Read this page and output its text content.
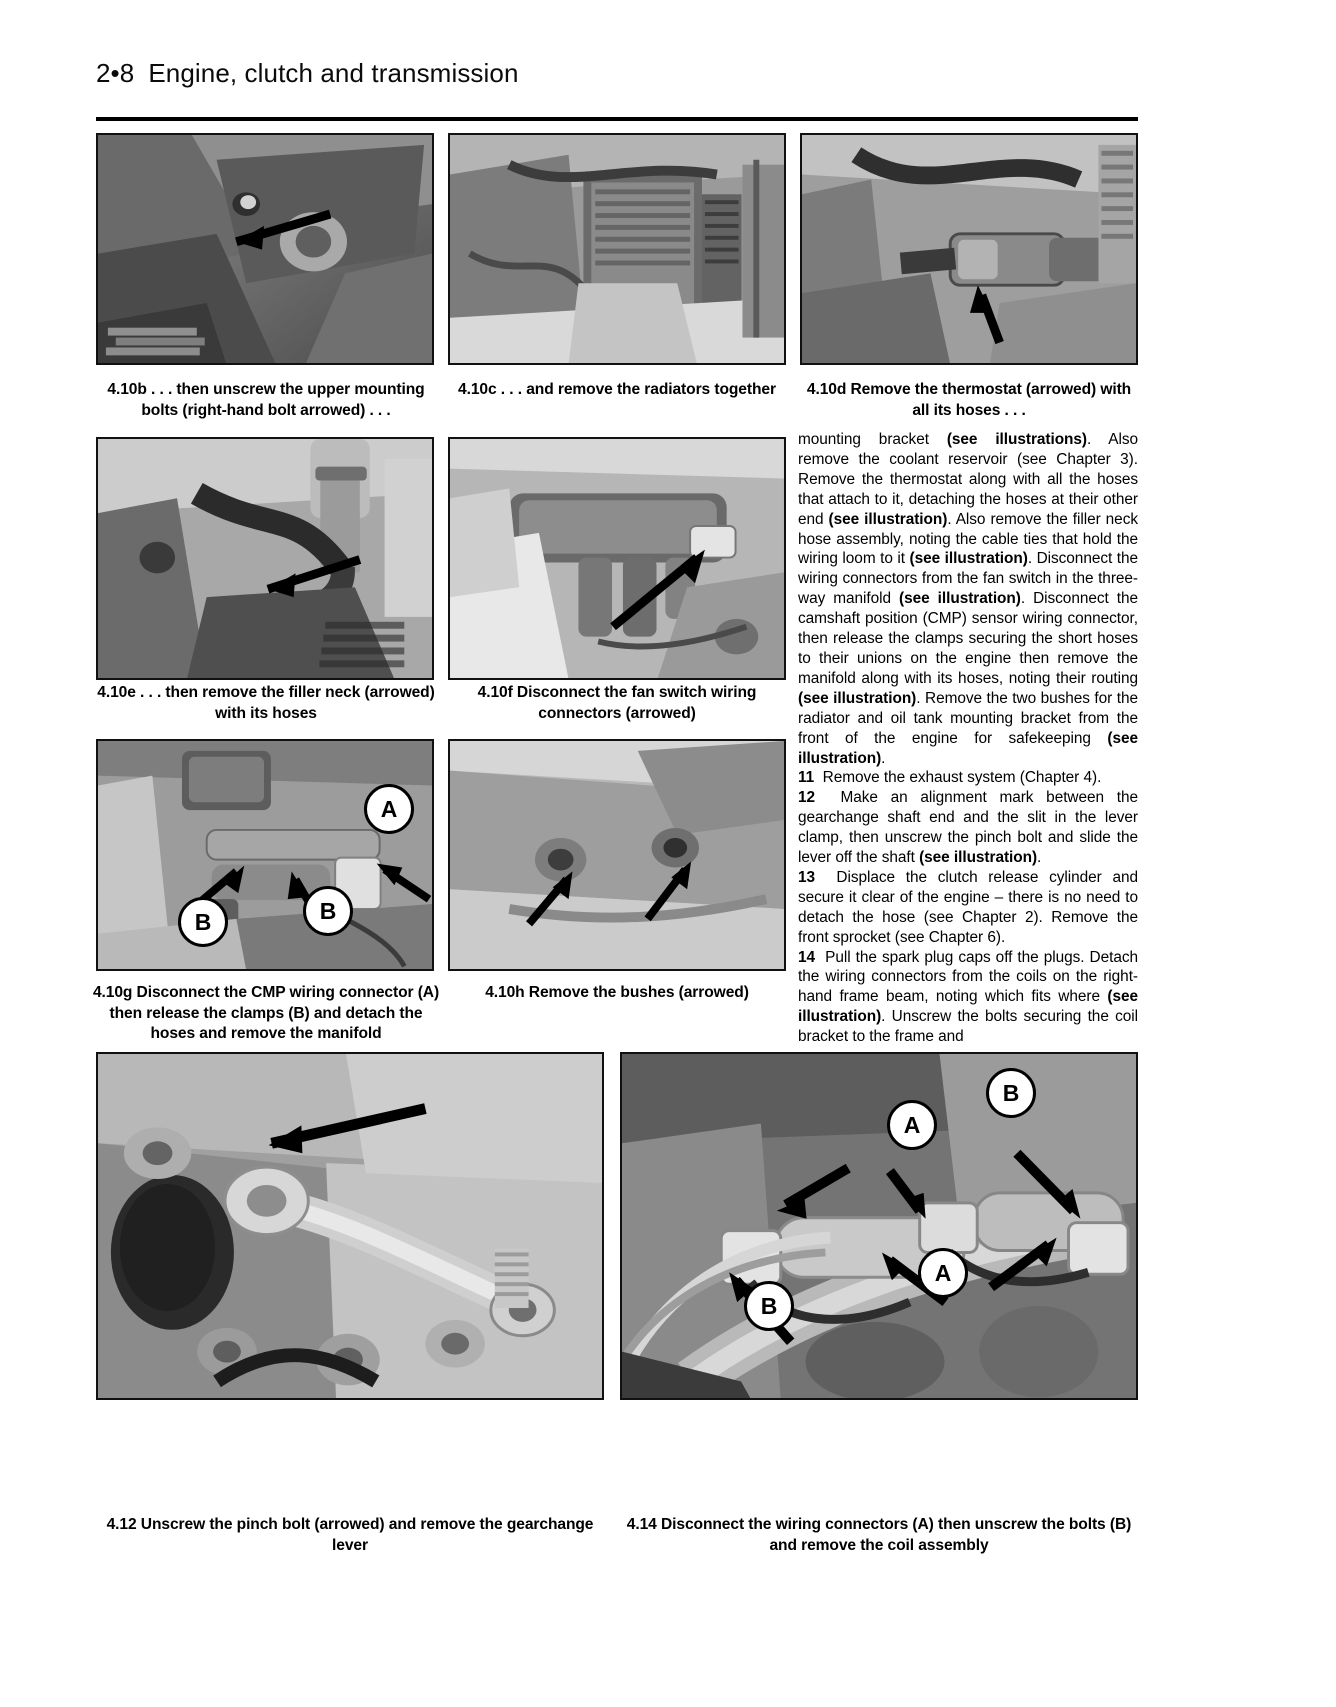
2•8 Engine, clutch and transmission
4.10b . . . then unscrew the upper mounting bolts (right-hand bolt arrowed) . . .
4.10c . . . and remove the radiators together	4.10d Remove the thermostat (arrowed) with all its hoses . . .
4.10e . . . then remove the filler neck (arrowed) with its hoses
4.10f Disconnect the fan switch wiring connectors (arrowed)
A
B	B
4.10g Disconnect the CMP wiring connector (A) then release the clamps (B) and detach the hoses and remove the manifold
4.10h Remove the bushes (arrowed)

mounting bracket (see illustrations). Also remove the coolant reservoir (see Chapter 3). Remove the thermostat along with all the hoses that attach to it, detaching the hoses at their other end (see illustration). Also remove the filler neck hose assembly, noting the cable ties that hold the wiring loom to it (see illustration). Disconnect the wiring connectors from the fan switch in the three-way manifold (see illustration). Disconnect the camshaft position (CMP) sensor wiring connector, then release the clamps securing the short hoses to their unions on the engine then remove the manifold along with its hoses, noting their routing (see illustration). Remove the two bushes for the radiator and oil tank mounting bracket from the front of the engine for safekeeping (see illustration).

11  Remove the exhaust system (Chapter 4).

12  Make an alignment mark between the gearchange shaft end and the slit in the lever clamp, then unscrew the pinch bolt and slide the lever off the shaft (see illustration).

13  Displace the clutch release cylinder and secure it clear of the engine – there is no need to detach the hose (see Chapter 2). Remove the front sprocket (see Chapter 6).

14  Pull the spark plug caps off the plugs. Detach the wiring connectors from the coils on the right-hand frame beam, noting which fits where (see illustration). Unscrew the bolts securing the coil bracket to the frame and

4.12 Unscrew the pinch bolt (arrowed) and remove the gearchange lever
A
B
A
B
4.14 Disconnect the wiring connectors (A) then unscrew the bolts (B) and remove the coil assembly
